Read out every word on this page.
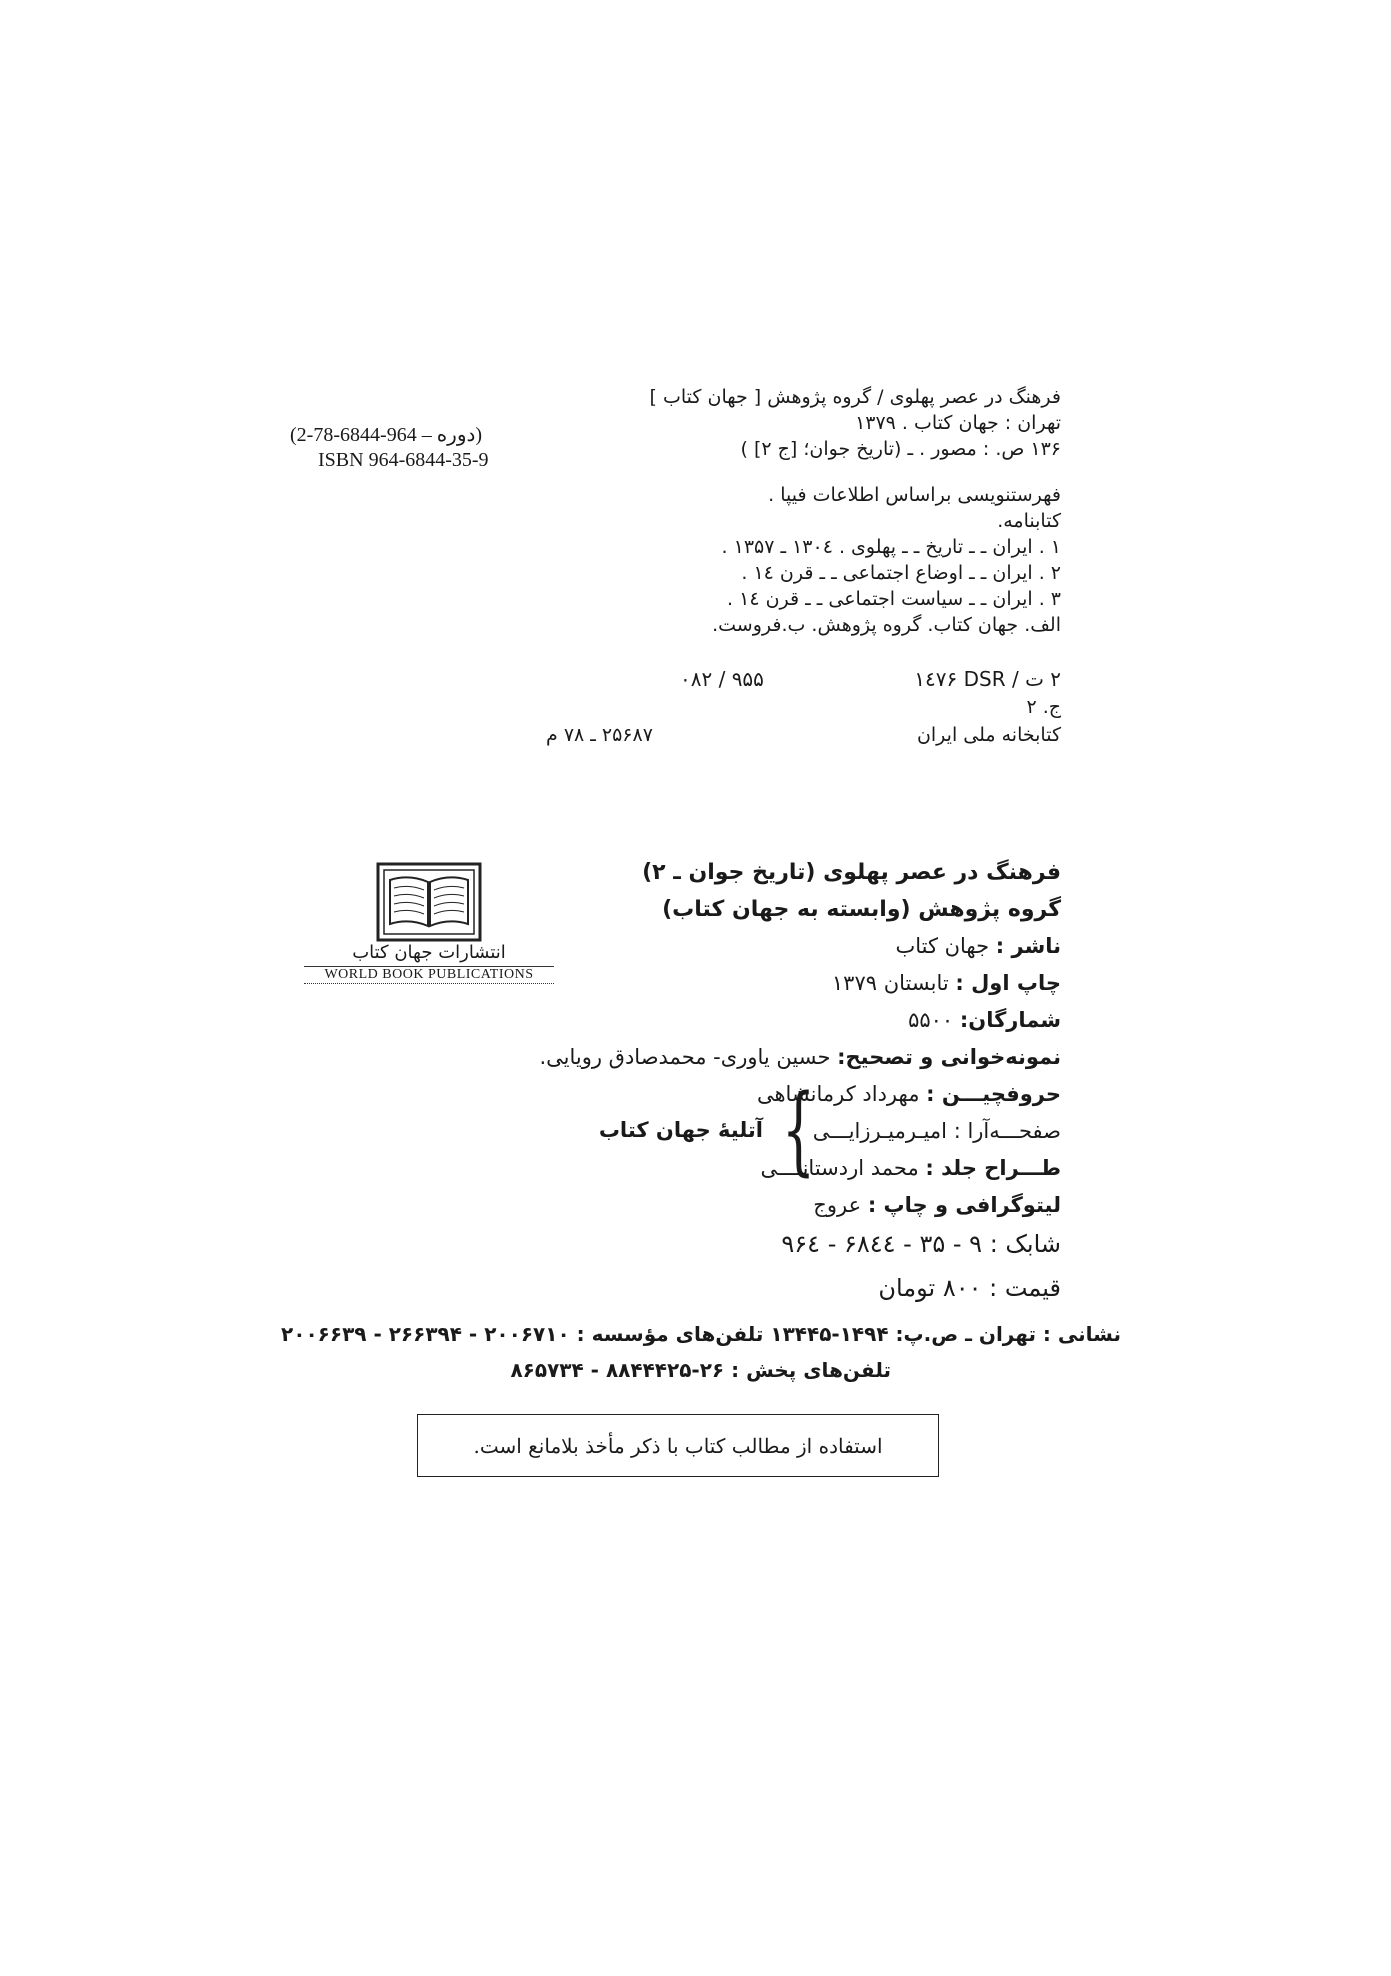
فرهنگ در عصر پهلوی / گروه پژوهش [ جهان کتاب ]
تهران : جهان کتاب . ۱۳۷۹
۱۳۶ ص. : مصور . ـ (تاریخ جوان؛ [ج ۲] )
فهرستنویسی براساس اطلاعات فیپا .
کتابنامه.
۱ . ایران ـ ـ تاریخ ـ ـ پهلوی . ۱۳۰٤ ـ ۱۳۵۷ .
۲ . ایران ـ ـ اوضاع اجتماعی ـ ـ قرن ١٤ .
۳ . ایران ـ ـ سیاست اجتماعی ـ ـ قرن ١٤ .
الف. جهان کتاب. گروه پژوهش. ب.فروست.
(دوره – 964-6844-78-2)
ISBN 964-6844-35-9
۹۵۵ / ۰۸۲	۲ ت / DSR ١٤٧۶
ج. ۲
کتابخانه ملی ایران
۲۵۶۸۷ ـ ۷۸ م
انتشارات جهان کتاب
WORLD BOOK PUBLICATIONS
فرهنگ در عصر پهلوی (تاریخ جوان ـ ۲)
گروه پژوهش (وابسته به جهان کتاب)
ناشر : جهان کتاب
چاپ اول : تابستان ۱۳۷۹
شمارگان: ۵۵۰۰
نمونه‌خوانی و تصحیح: حسین یاوری- محمدصادق رویایی.
حروفچیـــن : مهرداد کرمانشاهی
صفحـــه‌آرا : امیـرمیـرزایـــی
طـــراح جلد : محمد اردستانــــی
{
آتلیهٔ جهان کتاب
لیتوگرافی و چاپ : عروج
شابک : ۹ - ۳۵ - ۶۸٤٤ - ۹۶٤
قیمت : ۸۰۰ تومان
نشانی : تهران ـ ص.پ: ۱۴۹۴-۱۳۴۴۵ تلفن‌های مؤسسه : ۲۰۰۶۷۱۰ - ۲۶۶۳۹۴ - ۲۰۰۶۶۳۹
تلفن‌های پخش : ۲۶-۸۸۴۴۴۲۵ - ۸۶۵۷۳۴
استفاده از مطالب کتاب با ذکر مأخذ بلامانع است.
